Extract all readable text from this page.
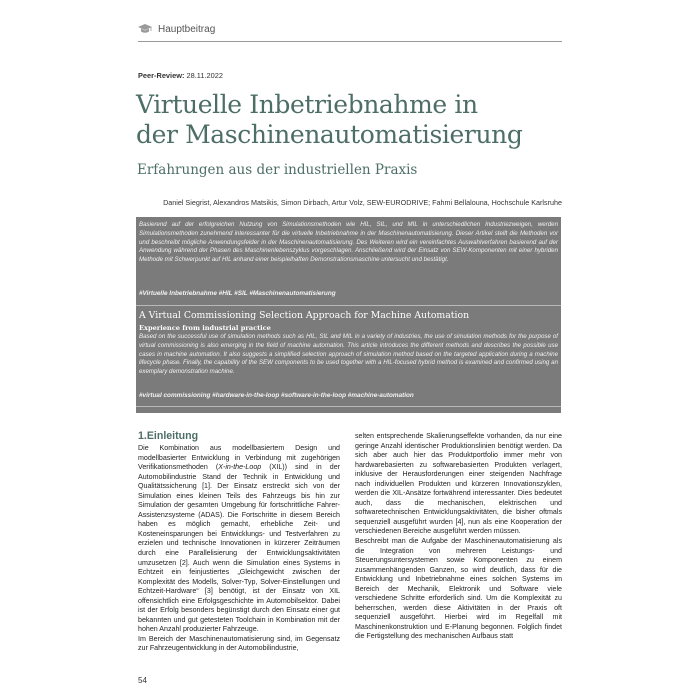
Hauptbeitrag
Peer-Review: 28.11.2022
Virtuelle Inbetriebnahme in
der Maschinenautomatisierung
Erfahrungen aus der industriellen Praxis
Daniel Siegrist, Alexandros Matsikis, Simon Dirbach, Artur Volz, SEW-EURODRIVE; Fahmi Bellalouna, Hochschule Karlsruhe

Basierend auf der erfolgreichen Nutzung von Simulationsmethoden wie HIL, SIL, und MIL in unterschiedlichen Industriezweigen, werden Simulationsmethoden zunehmend interessanter für die virtuelle Inbetriebnahme in der Maschinenautomatisierung. Dieser Artikel stellt die Methoden vor und beschreibt mögliche Anwendungsfelder in der Maschinenautomatisierung. Des Weiteren wird ein vereinfachtes Auswahlverfahren basierend auf der Anwendung während der Phasen des Maschinenlebenszyklus vorgeschlagen. Anschließend wird der Einsatz von SEW-Komponenten mit einer hybriden Methode mit Schwerpunkt auf HIL anhand einer beispielhaften Demonstrationsmaschine untersucht und bestätigt.

#Virtuelle Inbetriebnahme #HIL #SIL #Maschinenautomatisierung

A Virtual Commissioning Selection Approach for Machine Automation

Experience from industrial practice

Based on the successful use of simulation methods such as HIL, SIL and MIL in a variety of industries, the use of simulation methods for the purpose of virtual commissioning is also emerging in the field of machine automation. This article introduces the different methods and describes the possible use cases in machine automation. It also suggests a simplified selection approach of simulation method based on the targeted application during a machine lifecycle phase. Finally, the capability of the SEW components to be used together with a HIL-focused hybrid method is examined and confirmed using an exemplary demonstration machine.

#virtual commissioning #hardware-in-the-loop #software-in-the-loop #machine-automation

1.Einleitung

Die Kombination aus modellbasiertem Design und modellbasierter Entwicklung in Verbindung mit zugehörigen Verifikationsmethoden (X-in-the-Loop (XIL)) sind in der Automobilindustrie Stand der Technik in Entwicklung und Qualitätssicherung [1]. Der Einsatz erstreckt sich von der Simulation eines kleinen Teils des Fahrzeugs bis hin zur Simulation der gesamten Umgebung für fortschrittliche Fahrer-Assistenzsysteme (ADAS). Die Fortschritte in diesem Bereich haben es möglich gemacht, erhebliche Zeit- und Kosteneinsparungen bei Entwicklungs- und Testverfahren zu erzielen und technische Innovationen in kürzerer Zeiträumen durch eine Parallelisierung der Entwicklungsaktivitäten umzusetzen [2]. Auch wenn die Simulation eines Systems in Echtzeit ein feinjustiertes „Gleichgewicht zwischen der Komplexität des Modells, Solver-Typ, Solver-Einstellungen und Echtzeit-Hardware“ [3] benötigt, ist der Einsatz von XIL offensichtlich eine Erfolgsgeschichte im Automobilsektor. Dabei ist der Erfolg besonders begünstigt durch den Einsatz einer gut bekannten und gut getesteten Toolchain in Kombination mit der hohen Anzahl produzierter Fahrzeuge.

Im Bereich der Maschinenautomatisierung sind, im Gegensatz zur Fahrzeugentwicklung in der Automobilindustrie,

selten entsprechende Skalierungseffekte vorhanden, da nur eine geringe Anzahl identischer Produktionslinien benötigt werden. Da sich aber auch hier das Produktportfolio immer mehr von hardwarebasierten zu softwarebasierten Produkten verlagert, inklusive der Herausforderungen einer steigenden Nachfrage nach individuellen Produkten und kürzeren Innovationszyklen, werden die XIL-Ansätze fortwährend interessanter. Dies bedeutet auch, dass die mechanischen, elektrischen und softwaretechnischen Entwicklungsaktivitäten, die bisher oftmals sequenziell ausgeführt wurden [4], nun als eine Kooperation der verschiedenen Bereiche ausgeführt werden müssen.

Beschreibt man die Aufgabe der Maschinenautomatisierung als die Integration von mehreren Leistungs- und Steuerungsuntersystemen sowie Komponenten zu einem zusammenhängenden Ganzen, so wird deutlich, dass für die Entwicklung und Inbetriebnahme eines solchen Systems im Bereich der Mechanik, Elektronik und Software viele verschiedene Schritte erforderlich sind. Um die Komplexität zu beherrschen, werden diese Aktivitäten in der Praxis oft sequenziell ausgeführt. Hierbei wird im Regelfall mit Maschinenkonstruktion und E-Planung begonnen. Folglich findet die Fertigstellung des mechanischen Aufbaus statt

54
